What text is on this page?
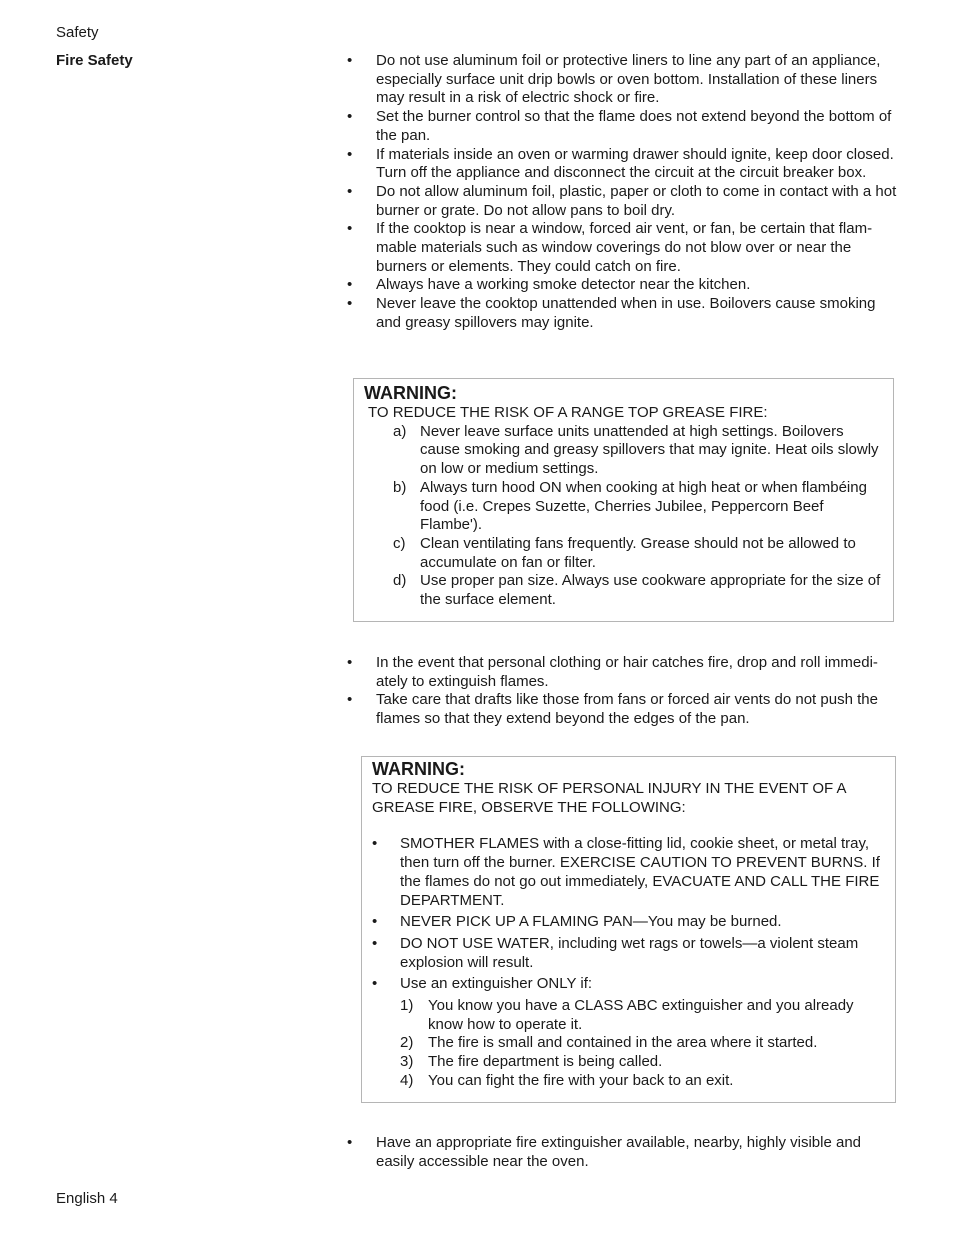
Safety
Fire Safety
•	Do not use aluminum foil or protective liners to line any part of an appliance, especially surface unit drip bowls or oven bottom. Installation of these liners may result in a risk of electric shock or fire.
• Set the burner control so that the flame does not extend beyond the bottom of the pan.
• If materials inside an oven or warming drawer should ignite, keep door closed. Turn off the appliance and disconnect the circuit at the circuit breaker box.
• Do not allow aluminum foil, plastic, paper or cloth to come in contact with a hot burner or grate. Do not allow pans to boil dry.
• If the cooktop is near a window, forced air vent, or fan, be certain that flam-mable materials such as window coverings do not blow over or near the burners or elements. They could catch on fire.
• Always have a working smoke detector near the kitchen.
• Never leave the cooktop unattended when in use. Boilovers cause smoking and greasy spillovers may ignite.
WARNING:
TO REDUCE THE RISK OF A RANGE TOP GREASE FIRE:
a) Never leave surface units unattended at high settings. Boilovers cause smoking and greasy spillovers that may ignite. Heat oils slowly on low or medium settings.
b) Always turn hood ON when cooking at high heat or when flambéing food (i.e. Crepes Suzette, Cherries Jubilee, Peppercorn Beef Flambe').
c) Clean ventilating fans frequently. Grease should not be allowed to accumulate on fan or filter.
d) Use proper pan size. Always use cookware appropriate for the size of the surface element.
• In the event that personal clothing or hair catches fire, drop and roll immedi-ately to extinguish flames.
• Take care that drafts like those from fans or forced air vents do not push the flames so that they extend beyond the edges of the pan.
WARNING:
TO REDUCE THE RISK OF PERSONAL INJURY IN THE EVENT OF A GREASE FIRE, OBSERVE THE FOLLOWING:
• SMOTHER FLAMES with a close-fitting lid, cookie sheet, or metal tray, then turn off the burner. EXERCISE CAUTION TO PREVENT BURNS. If the flames do not go out immediately, EVACUATE AND CALL THE FIRE DEPARTMENT.
• NEVER PICK UP A FLAMING PAN—You may be burned.
• DO NOT USE WATER, including wet rags or towels—a violent steam explosion will result.
• Use an extinguisher ONLY if:
1) You know you have a CLASS ABC extinguisher and you already know how to operate it.
2) The fire is small and contained in the area where it started.
3) The fire department is being called.
4) You can fight the fire with your back to an exit.
• Have an appropriate fire extinguisher available, nearby, highly visible and easily accessible near the oven.
English 4
